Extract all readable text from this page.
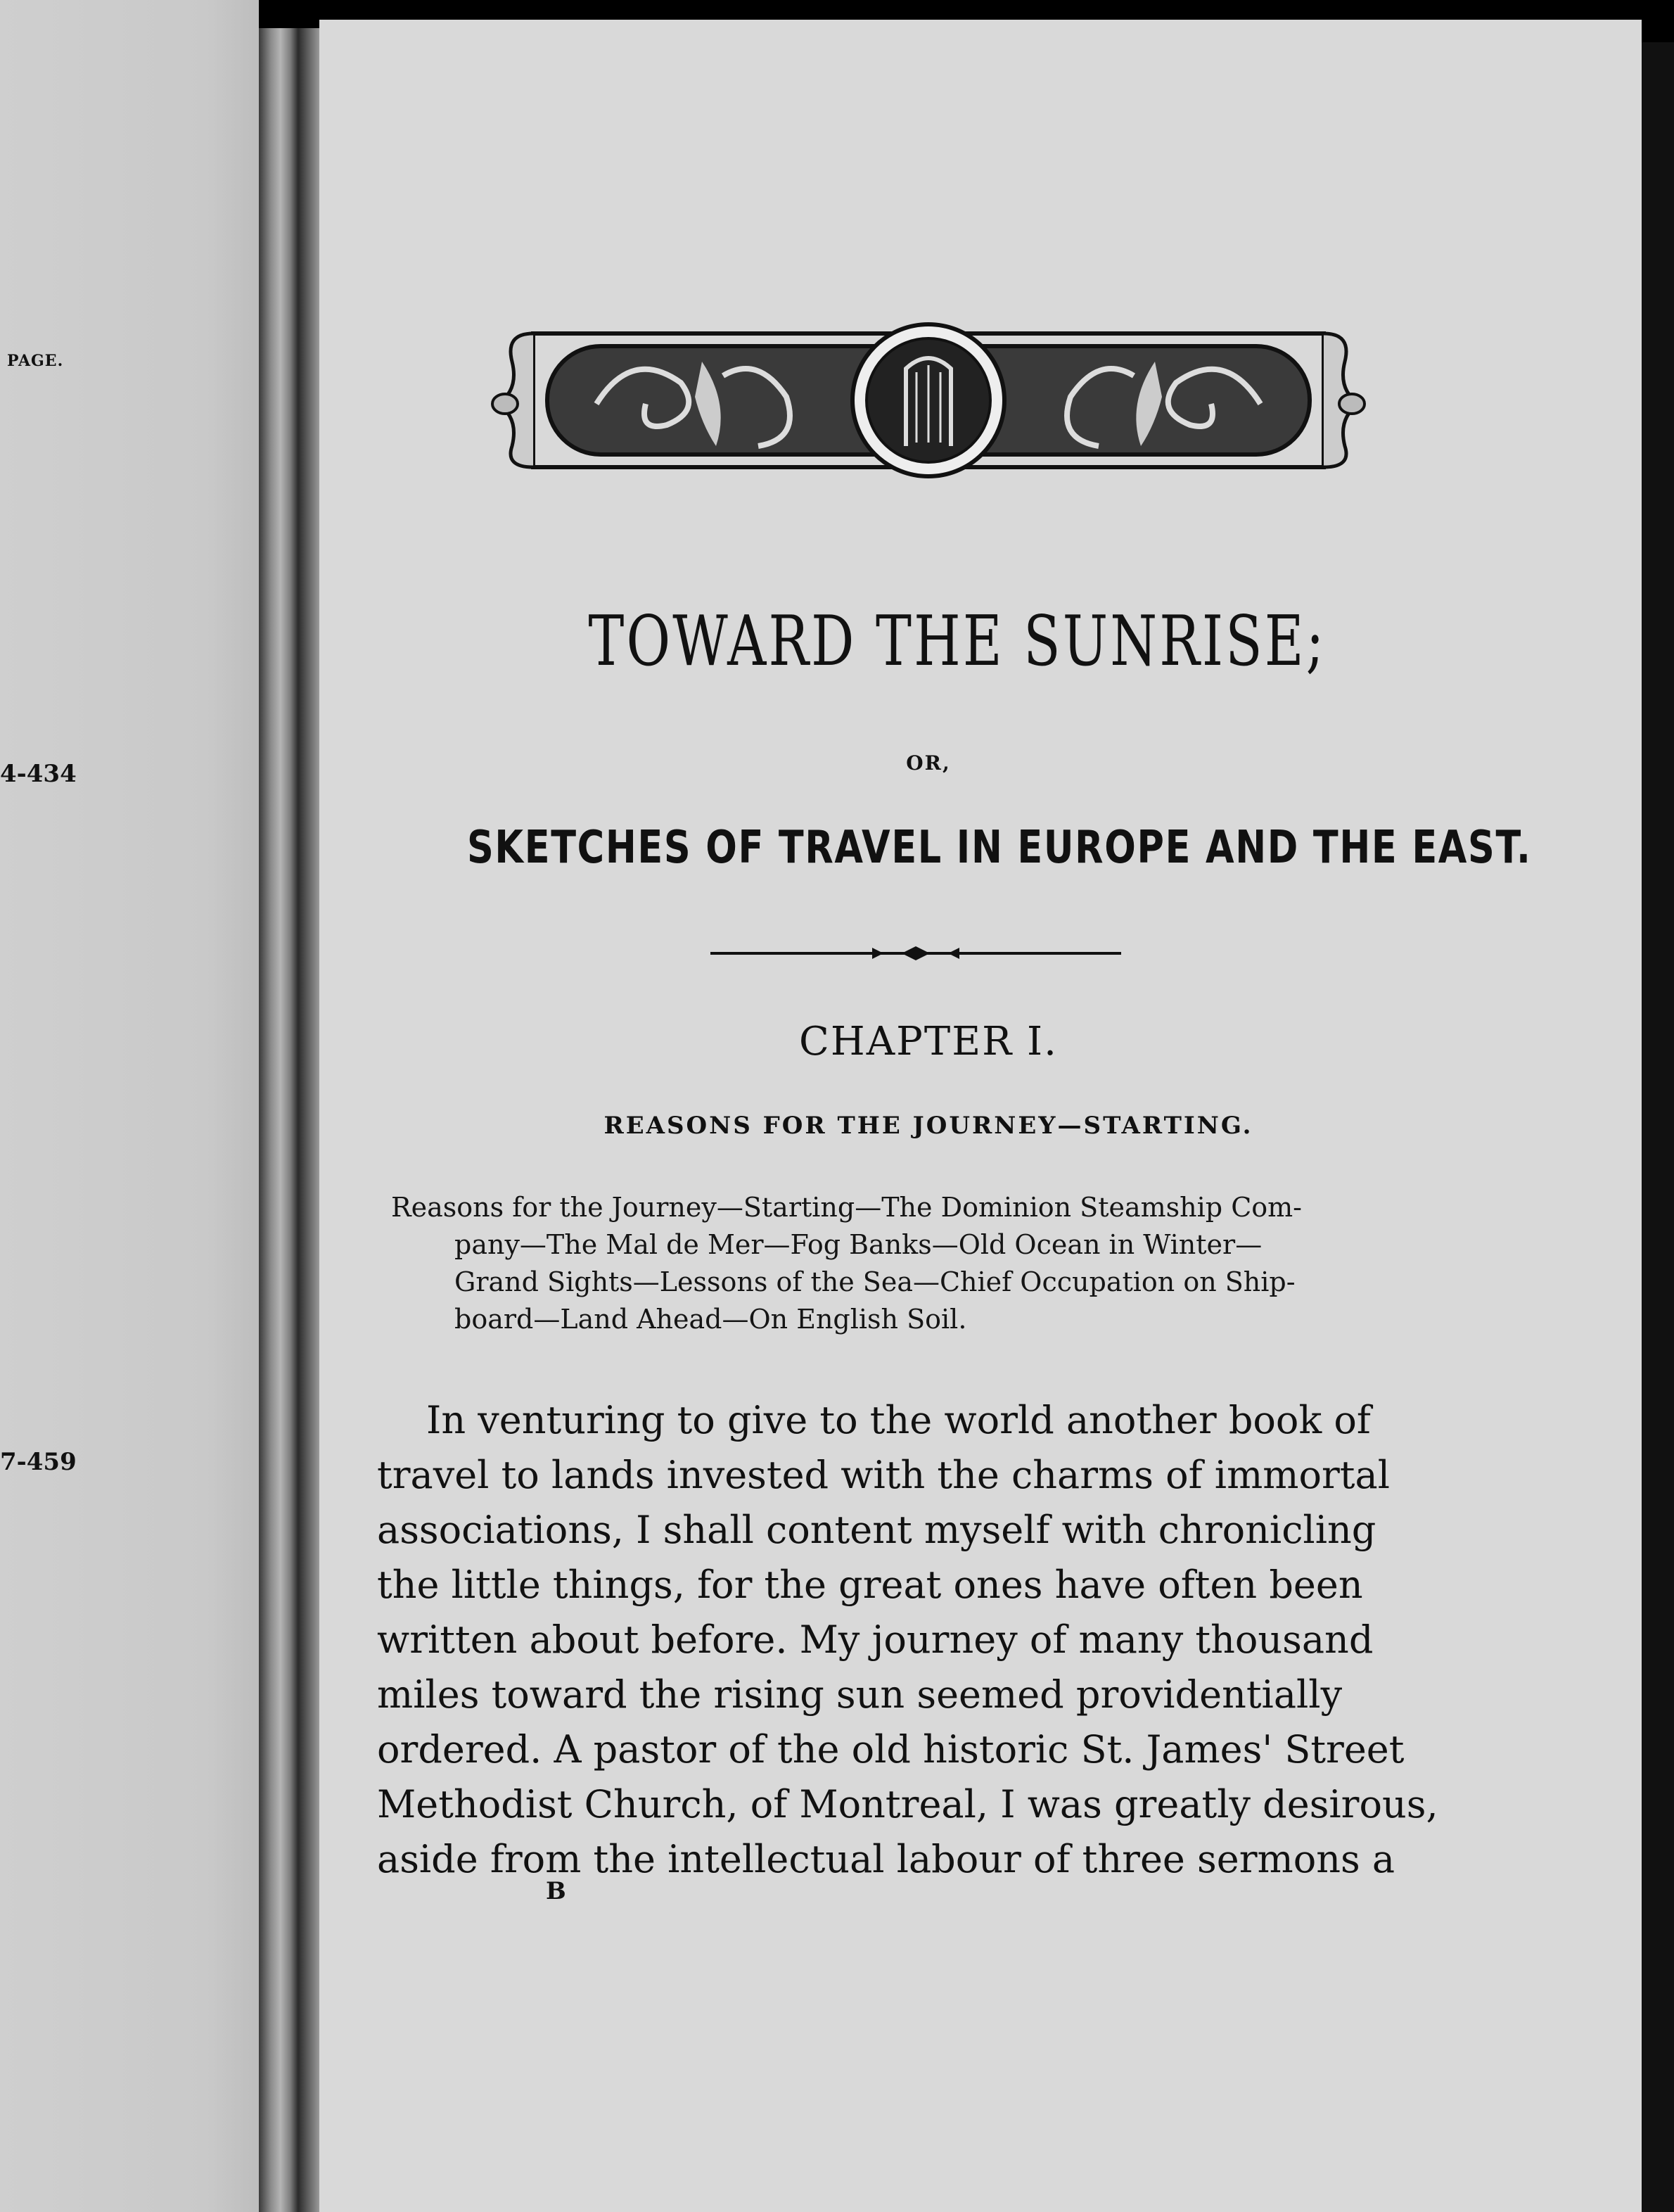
PAGE.
4-434
7-459
TOWARD THE SUNRISE;
OR,
SKETCHES OF TRAVEL IN EUROPE AND THE EAST.
CHAPTER I.
REASONS FOR THE JOURNEY—STARTING.
Reasons for the Journey—Starting—The Dominion Steamship Com-
pany—The Mal de Mer—Fog Banks—Old Ocean in Winter—
Grand Sights—Lessons of the Sea—Chief Occupation on Ship-
board—Land Ahead—On English Soil.
In venturing to give to the world another book of
travel to lands invested with the charms of immortal
associations, I shall content myself with chronicling
the little things, for the great ones have often been
written about before. My journey of many thousand
miles toward the rising sun seemed providentially
ordered. A pastor of the old historic St. James' Street
Methodist Church, of Montreal, I was greatly desirous,
aside from the intellectual labour of three sermons a
B
